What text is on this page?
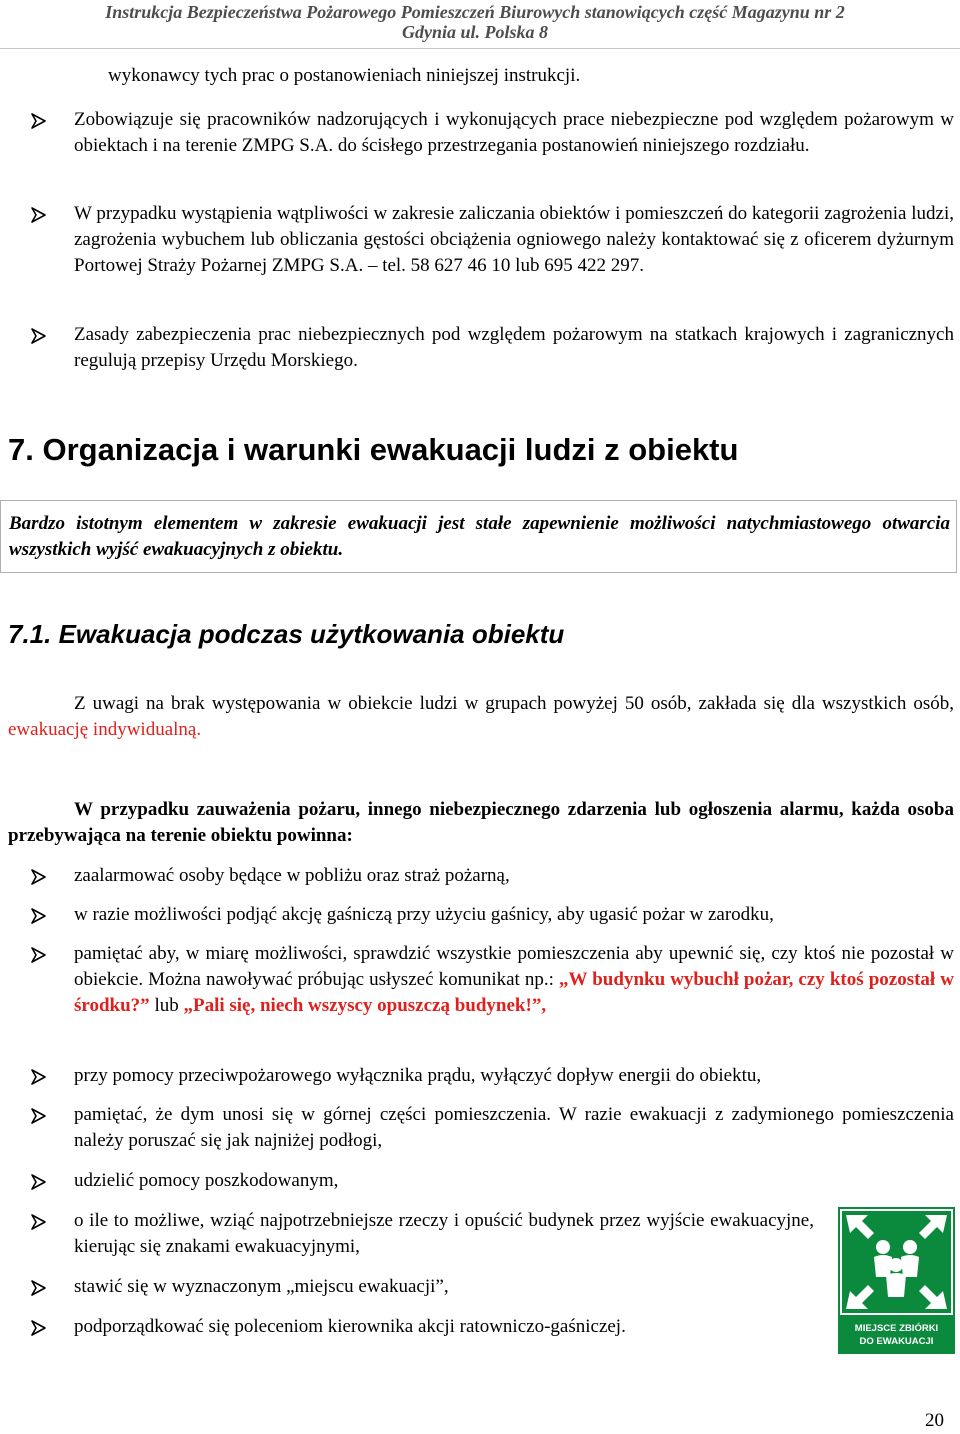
Instrukcja Bezpieczeństwa Pożarowego Pomieszczeń Biurowych stanowiących część Magazynu nr 2
Gdynia ul. Polska 8
wykonawcy tych prac o postanowieniach niniejszej instrukcji.
Zobowiązuje się pracowników nadzorujących i wykonujących prace niebezpieczne pod względem pożarowym w obiektach i na terenie ZMPG S.A. do ścisłego przestrzegania postanowień niniejszego rozdziału.
W przypadku wystąpienia wątpliwości w zakresie zaliczania obiektów i pomieszczeń do kategorii zagrożenia ludzi, zagrożenia wybuchem lub obliczania gęstości obciążenia ogniowego należy kontaktować się z oficerem dyżurnym Portowej Straży Pożarnej ZMPG S.A. – tel. 58 627 46 10 lub 695 422 297.
Zasady zabezpieczenia prac niebezpiecznych pod względem pożarowym na statkach krajowych i zagranicznych regulują przepisy Urzędu Morskiego.
7. Organizacja i warunki ewakuacji ludzi z obiektu
Bardzo istotnym elementem w zakresie ewakuacji jest stałe zapewnienie możliwości natychmiastowego otwarcia wszystkich wyjść ewakuacyjnych z obiektu.
7.1. Ewakuacja podczas użytkowania obiektu
Z uwagi na brak występowania w obiekcie ludzi w grupach powyżej 50 osób, zakłada się dla wszystkich osób, ewakuację indywidualną.
W przypadku zauważenia pożaru, innego niebezpiecznego zdarzenia lub ogłoszenia alarmu, każda osoba przebywająca na terenie obiektu powinna:
zaalarmować osoby będące w pobliżu oraz straż pożarną,
w razie możliwości podjąć akcję gaśniczą przy użyciu gaśnicy, aby ugasić pożar w zarodku,
pamiętać aby, w miarę możliwości, sprawdzić wszystkie pomieszczenia aby upewnić się, czy ktoś nie pozostał w obiekcie. Można nawoływać próbując usłyszeć komunikat np.: „W budynku wybuchł pożar, czy ktoś pozostał w środku?” lub „Pali się, niech wszyscy opuszczą budynek!”,
przy pomocy przeciwpożarowego wyłącznika prądu, wyłączyć dopływ energii do obiektu,
pamiętać, że dym unosi się w górnej części pomieszczenia. W razie ewakuacji z zadymionego pomieszczenia należy poruszać się jak najniżej podłogi,
udzielić pomocy poszkodowanym,
o ile to możliwe, wziąć najpotrzebniejsze rzeczy i opuścić budynek przez wyjście ewakuacyjne, kierując się znakami ewakuacyjnymi,
stawić się w wyznaczonym „miejscu ewakuacji”,
podporządkować się poleceniom kierownika akcji ratowniczo-gaśniczej.	MIEJSCE ZBIÓRKI
DO EWAKUACJI
20
